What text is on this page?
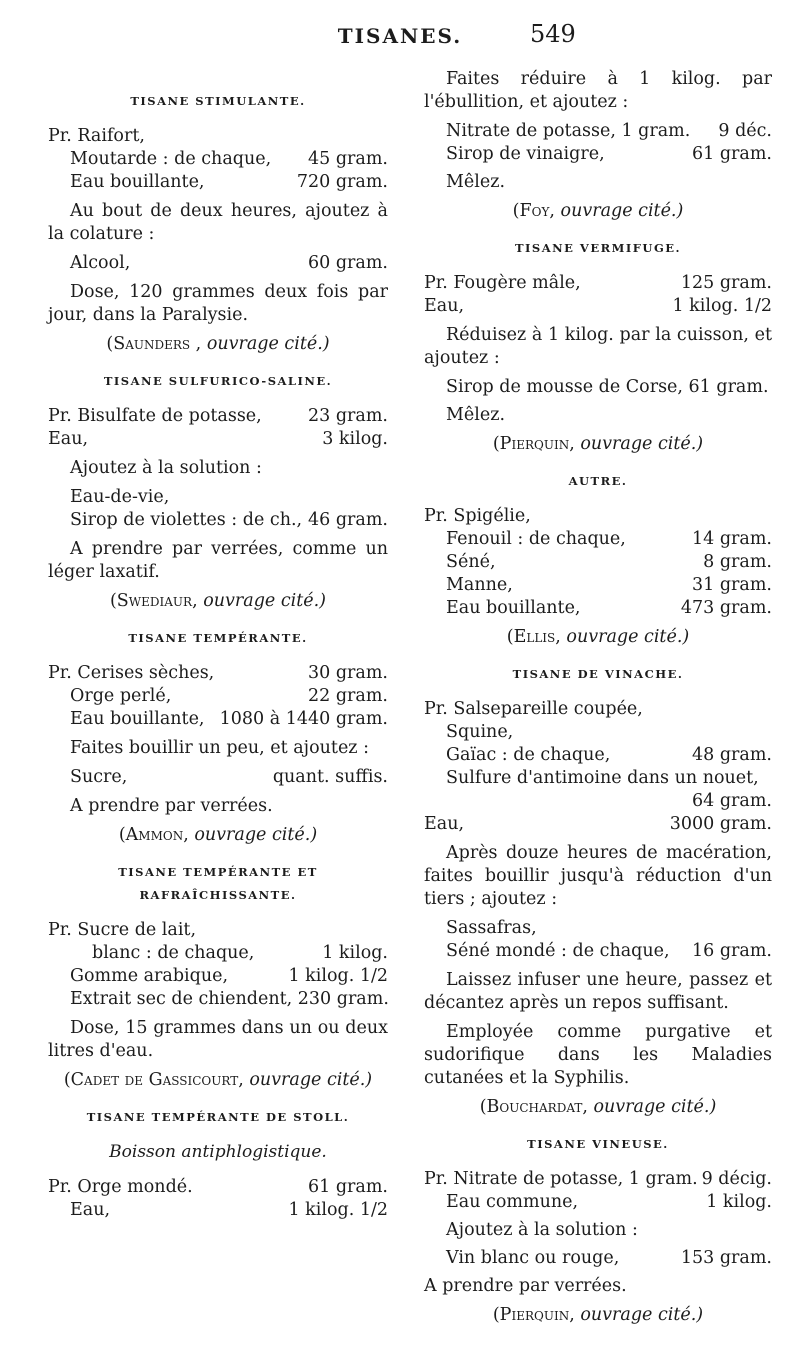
TISANES.	549
TISANE STIMULANTE.
Pr. Raifort,
Moutarde : de chaque, 45 gram.
Eau bouillante,	720 gram.
Au bout de deux heures, ajoutez à la colature :
Alcool,	60 gram.
Dose, 120 grammes deux fois par jour, dans la Paralysie.
(Saunders , ouvrage cité.)
TISANE SULFURICO-SALINE.
Pr. Bisulfate de potasse,	23 gram.
Eau,	3 kilog.
Ajoutez à la solution :
Eau-de-vie,
Sirop de violettes : de ch., 46 gram.
A prendre par verrées, comme un léger laxatif.
(Swediaur, ouvrage cité.)
TISANE TEMPÉRANTE.
Pr. Cerises sèches,	30 gram.
Orge perlé,	22 gram.
Eau bouillante, 1080 à 1440 gram.
Faites bouillir un peu, et ajoutez :
Sucre,	quant. suffis.
A prendre par verrées.
(Ammon, ouvrage cité.)
TISANE TEMPÉRANTE ET RAFRAÎCHISSANTE.
Pr. Sucre de lait,
blanc : de chaque,	1 kilog.
Gomme arabique,	1 kilog. 1/2
Extrait sec de chiendent, 230 gram.
Dose, 15 grammes dans un ou deux litres d'eau.
(Cadet de Gassicourt, ouvrage cité.)
TISANE TEMPÉRANTE DE STOLL.
Boisson antiphlogistique.
Pr. Orge mondé.	61 gram.
Eau,	1 kilog. 1/2
Faites réduire à 1 kilog. par l'ébullition, et ajoutez :
Nitrate de potasse, 1 gram. 9 déc.
Sirop de vinaigre,	61 gram.
Mêlez.
(Foy, ouvrage cité.)
TISANE VERMIFUGE.
Pr. Fougère mâle,	125 gram.
Eau,	1 kilog. 1/2
Réduisez à 1 kilog. par la cuisson, et ajoutez :
Sirop de mousse de Corse, 61 gram.
Mêlez.
(Pierquin, ouvrage cité.)
AUTRE.
Pr. Spigélie,
Fenouil : de chaque,	14 gram.
Séné,	8 gram.
Manne,	31 gram.
Eau bouillante,	473 gram.
(Ellis, ouvrage cité.)
TISANE DE VINACHE.
Pr. Salsepareille coupée,
Squine,
Gaïac : de chaque,	48 gram.
Sulfure d'antimoine dans un nouet,
64 gram.
Eau,	3000 gram.
Après douze heures de macération, faites bouillir jusqu'à réduction d'un tiers ; ajoutez :
Sassafras,
Séné mondé : de chaque, 16 gram.
Laissez infuser une heure, passez et décantez après un repos suffisant.
Employée comme purgative et sudorifique dans les Maladies cutanées et la Syphilis.
(Bouchardat, ouvrage cité.)
TISANE VINEUSE.
Pr. Nitrate de potasse, 1 gram. 9 décig.
Eau commune,	1 kilog.
Ajoutez à la solution :
Vin blanc ou rouge,	153 gram.
A prendre par verrées.
(Pierquin, ouvrage cité.)
